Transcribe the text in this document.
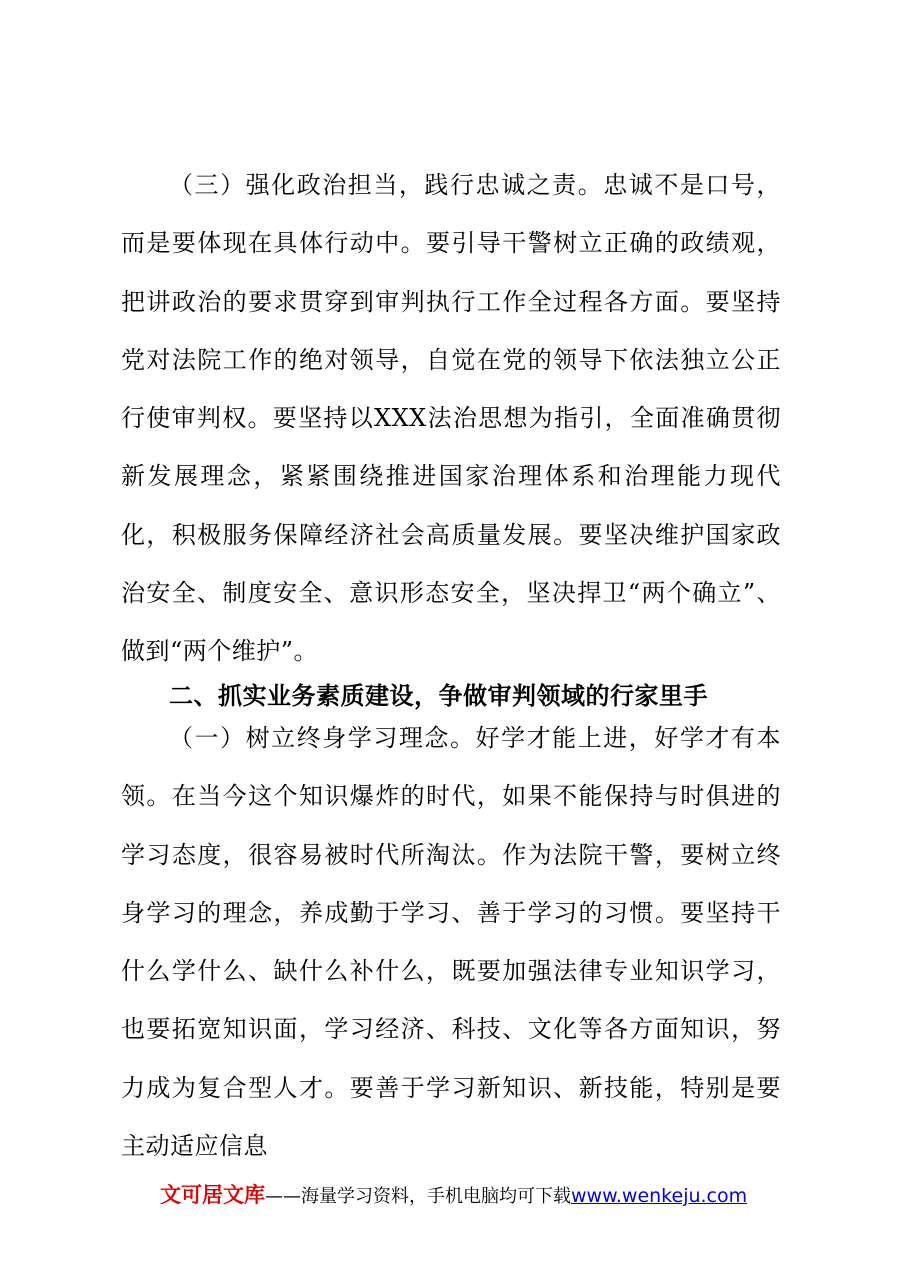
（三）强化政治担当，践行忠诚之责。忠诚不是口号，而是要体现在具体行动中。要引导干警树立正确的政绩观，把讲政治的要求贯穿到审判执行工作全过程各方面。要坚持党对法院工作的绝对领导，自觉在党的领导下依法独立公正行使审判权。要坚持以XXX法治思想为指引，全面准确贯彻新发展理念，紧紧围绕推进国家治理体系和治理能力现代化，积极服务保障经济社会高质量发展。要坚决维护国家政治安全、制度安全、意识形态安全，坚决捍卫“两个确立”、做到“两个维护”。

二、抓实业务素质建设，争做审判领域的行家里手

（一）树立终身学习理念。好学才能上进，好学才有本领。在当今这个知识爆炸的时代，如果不能保持与时俱进的学习态度，很容易被时代所淘汰。作为法院干警，要树立终身学习的理念，养成勤于学习、善于学习的习惯。要坚持干什么学什么、缺什么补什么，既要加强法律专业知识学习，也要拓宽知识面，学习经济、科技、文化等各方面知识，努力成为复合型人才。要善于学习新知识、新技能，特别是要主动适应信息

文可居文库——海量学习资料，手机电脑均可下载www.wenkeju.com
